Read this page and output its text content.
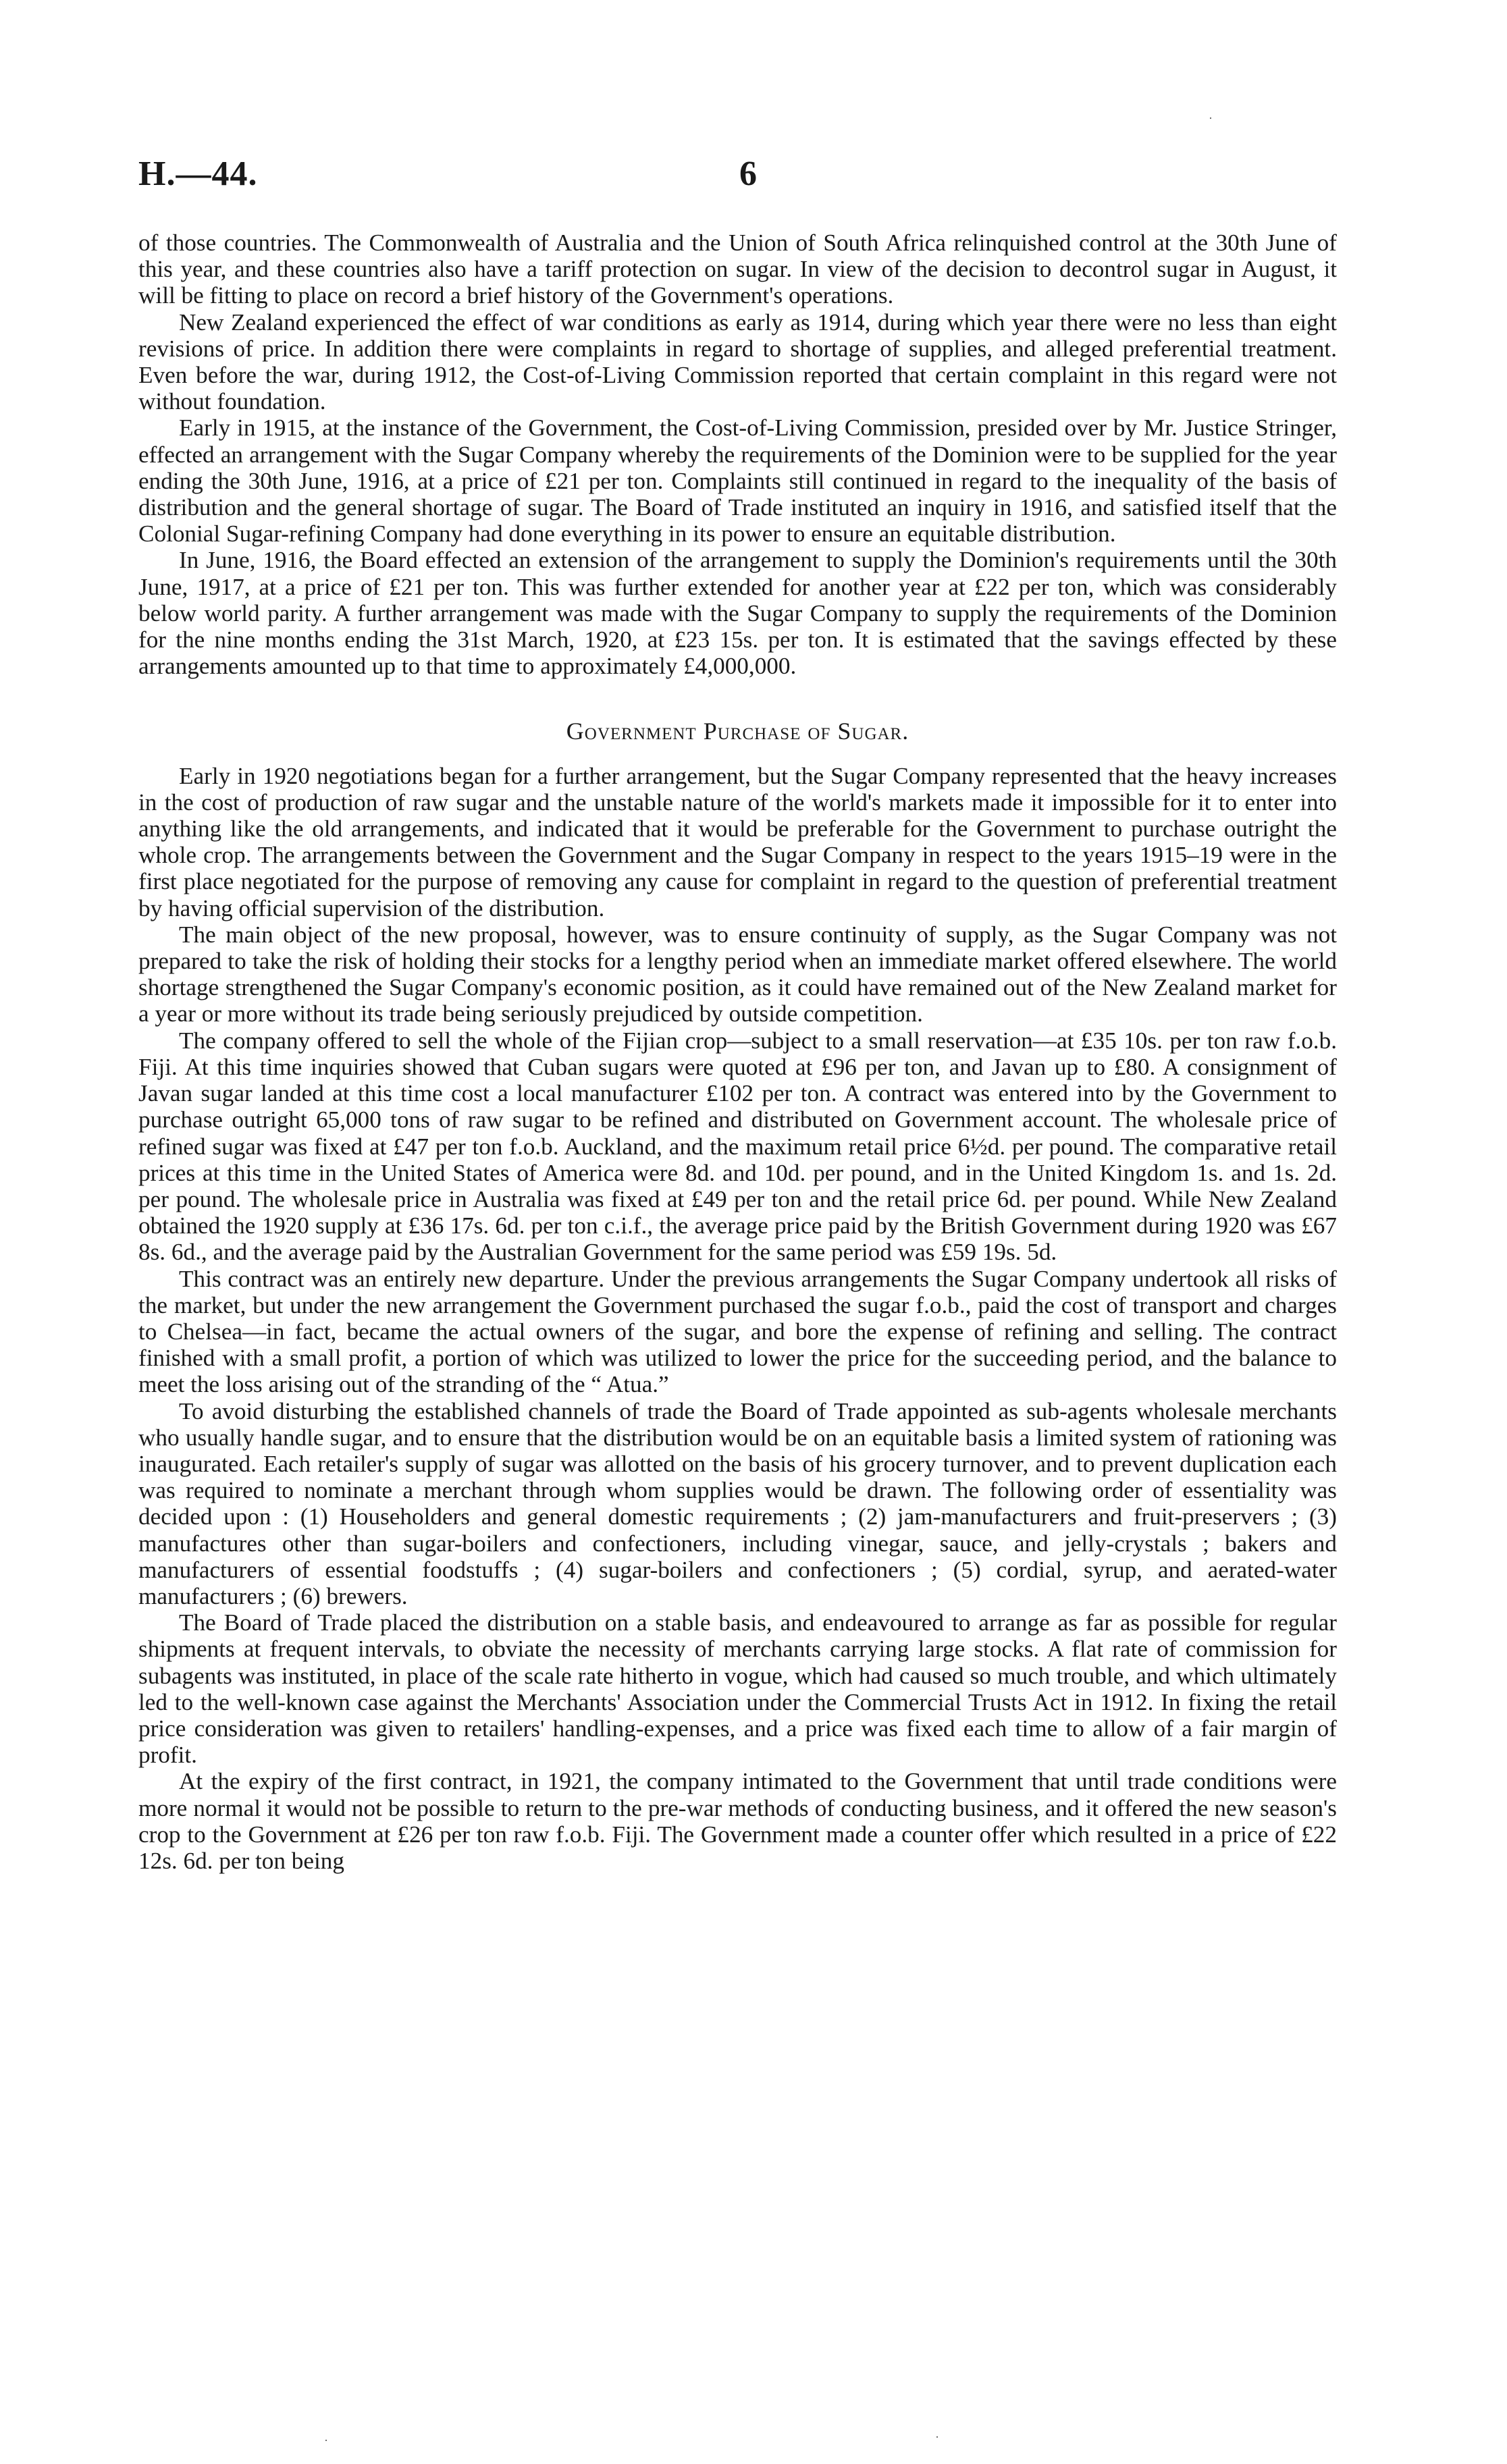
H.—44.	6

of those countries. The Commonwealth of Australia and the Union of South Africa relinquished control at the 30th June of this year, and these countries also have a tariff protection on sugar. In view of the decision to decontrol sugar in August, it will be fitting to place on record a brief history of the Government's operations.

New Zealand experienced the effect of war conditions as early as 1914, during which year there were no less than eight revisions of price. In addition there were complaints in regard to shortage of supplies, and alleged preferential treatment. Even before the war, during 1912, the Cost-of-Living Commission reported that certain complaint in this regard were not without foundation.

Early in 1915, at the instance of the Government, the Cost-of-Living Commission, presided over by Mr. Justice Stringer, effected an arrangement with the Sugar Company whereby the requirements of the Dominion were to be supplied for the year ending the 30th June, 1916, at a price of £21 per ton. Complaints still continued in regard to the inequality of the basis of distribution and the general shortage of sugar. The Board of Trade instituted an inquiry in 1916, and satisfied itself that the Colonial Sugar-refining Company had done everything in its power to ensure an equitable distribution.

In June, 1916, the Board effected an extension of the arrangement to supply the Dominion's requirements until the 30th June, 1917, at a price of £21 per ton. This was further extended for another year at £22 per ton, which was considerably below world parity. A further arrangement was made with the Sugar Company to supply the requirements of the Dominion for the nine months ending the 31st March, 1920, at £23 15s. per ton. It is estimated that the savings effected by these arrangements amounted up to that time to approximately £4,000,000.

Government Purchase of Sugar.

Early in 1920 negotiations began for a further arrangement, but the Sugar Company represented that the heavy increases in the cost of production of raw sugar and the unstable nature of the world's markets made it impossible for it to enter into anything like the old arrangements, and indicated that it would be preferable for the Government to purchase outright the whole crop. The arrangements between the Government and the Sugar Company in respect to the years 1915–19 were in the first place negotiated for the purpose of removing any cause for complaint in regard to the question of preferential treatment by having official supervision of the distribution.

The main object of the new proposal, however, was to ensure continuity of supply, as the Sugar Company was not prepared to take the risk of holding their stocks for a lengthy period when an immediate market offered elsewhere. The world shortage strengthened the Sugar Company's economic position, as it could have remained out of the New Zealand market for a year or more without its trade being seriously prejudiced by outside competition.

The company offered to sell the whole of the Fijian crop—subject to a small reservation—at £35 10s. per ton raw f.o.b. Fiji. At this time inquiries showed that Cuban sugars were quoted at £96 per ton, and Javan up to £80. A consignment of Javan sugar landed at this time cost a local manufacturer £102 per ton. A contract was entered into by the Government to purchase outright 65,000 tons of raw sugar to be refined and distributed on Government account. The wholesale price of refined sugar was fixed at £47 per ton f.o.b. Auckland, and the maximum retail price 6½d. per pound. The comparative retail prices at this time in the United States of America were 8d. and 10d. per pound, and in the United Kingdom 1s. and 1s. 2d. per pound. The wholesale price in Australia was fixed at £49 per ton and the retail price 6d. per pound. While New Zealand obtained the 1920 supply at £36 17s. 6d. per ton c.i.f., the average price paid by the British Government during 1920 was £67 8s. 6d., and the average paid by the Australian Government for the same period was £59 19s. 5d.

This contract was an entirely new departure. Under the previous arrangements the Sugar Company undertook all risks of the market, but under the new arrangement the Government purchased the sugar f.o.b., paid the cost of transport and charges to Chelsea—in fact, became the actual owners of the sugar, and bore the expense of refining and selling. The contract finished with a small profit, a portion of which was utilized to lower the price for the succeeding period, and the balance to meet the loss arising out of the stranding of the “ Atua.”

To avoid disturbing the established channels of trade the Board of Trade appointed as sub-agents wholesale merchants who usually handle sugar, and to ensure that the distribution would be on an equitable basis a limited system of rationing was inaugurated. Each retailer's supply of sugar was allotted on the basis of his grocery turnover, and to prevent duplication each was required to nominate a merchant through whom supplies would be drawn. The following order of essentiality was decided upon : (1) Householders and general domestic requirements ; (2) jam-manufacturers and fruit-preservers ; (3) manufactures other than sugar-boilers and confectioners, including vinegar, sauce, and jelly-crystals ; bakers and manufacturers of essential foodstuffs ; (4) sugar-boilers and confectioners ; (5) cordial, syrup, and aerated-water manufacturers ; (6) brewers.

The Board of Trade placed the distribution on a stable basis, and endeavoured to arrange as far as possible for regular shipments at frequent intervals, to obviate the necessity of merchants carrying large stocks. A flat rate of commission for subagents was instituted, in place of the scale rate hitherto in vogue, which had caused so much trouble, and which ultimately led to the well-known case against the Merchants' Association under the Commercial Trusts Act in 1912. In fixing the retail price consideration was given to retailers' handling-expenses, and a price was fixed each time to allow of a fair margin of profit.

At the expiry of the first contract, in 1921, the company intimated to the Government that until trade conditions were more normal it would not be possible to return to the pre-war methods of conducting business, and it offered the new season's crop to the Government at £26 per ton raw f.o.b. Fiji. The Government made a counter offer which resulted in a price of £22 12s. 6d. per ton being

·
·	·
